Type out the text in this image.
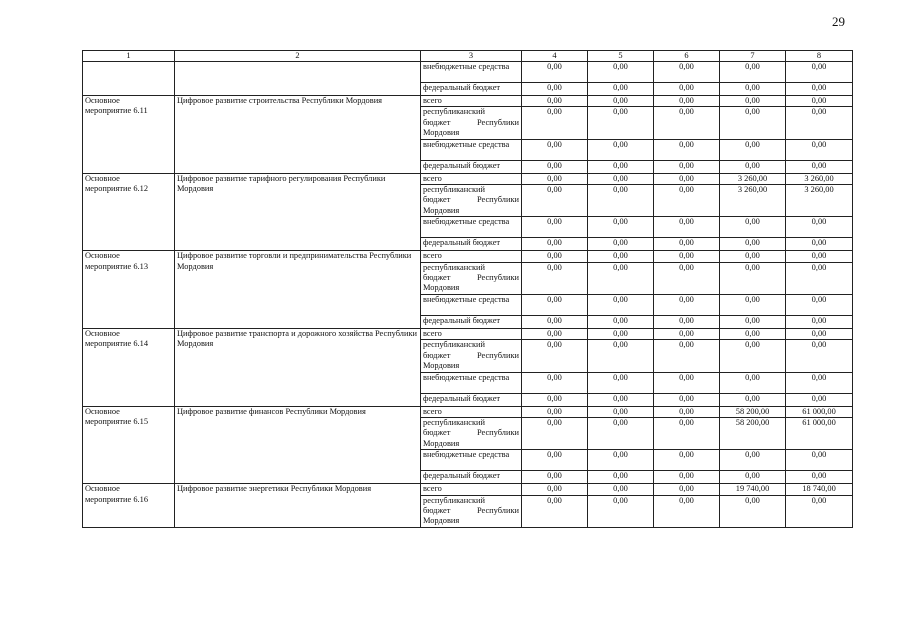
29
1	2	3	4	5	6	7	8
		внебюджетные средства	0,00	0,00	0,00	0,00	0,00
		федеральный бюджет	0,00	0,00	0,00	0,00	0,00

Основное
мероприятие 6.11	Цифровое развитие строительства Республики Мордовия	всего	0,00	0,00	0,00	0,00	0,00

		республиканский
бюджет Республики
Мордовия	0,00	0,00	0,00	0,00	0,00
		внебюджетные средства	0,00	0,00	0,00	0,00	0,00
		федеральный бюджет	0,00	0,00	0,00	0,00	0,00

Основное
мероприятие 6.12	Цифровое развитие тарифного регулирования Республики Мордовия	всего	0,00	0,00	0,00	3 260,00	3 260,00

		республиканский
бюджет Республики
Мордовия	0,00	0,00	0,00	3 260,00	3 260,00
		внебюджетные средства	0,00	0,00	0,00	0,00	0,00
		федеральный бюджет	0,00	0,00	0,00	0,00	0,00

Основное
мероприятие 6.13	Цифровое развитие торговли и предпринимательства Республики Мордовия	всего	0,00	0,00	0,00	0,00	0,00

		республиканский
бюджет Республики
Мордовия	0,00	0,00	0,00	0,00	0,00
		внебюджетные средства	0,00	0,00	0,00	0,00	0,00
		федеральный бюджет	0,00	0,00	0,00	0,00	0,00

Основное
мероприятие 6.14	Цифровое развитие транспорта и дорожного хозяйства Республики Мордовия	всего	0,00	0,00	0,00	0,00	0,00

		республиканский
бюджет Республики
Мордовия	0,00	0,00	0,00	0,00	0,00
		внебюджетные средства	0,00	0,00	0,00	0,00	0,00
		федеральный бюджет	0,00	0,00	0,00	0,00	0,00

Основное
мероприятие 6.15	Цифровое развитие финансов Республики Мордовия	всего	0,00	0,00	0,00	58 200,00	61 000,00

		республиканский
бюджет Республики
Мордовия	0,00	0,00	0,00	58 200,00	61 000,00
		внебюджетные средства	0,00	0,00	0,00	0,00	0,00
		федеральный бюджет	0,00	0,00	0,00	0,00	0,00

Основное
мероприятие 6.16	Цифровое развитие энергетики Республики Мордовия	всего	0,00	0,00	0,00	19 740,00	18 740,00

		республиканский
бюджет Республики
Мордовия	0,00	0,00	0,00	0,00	0,00
